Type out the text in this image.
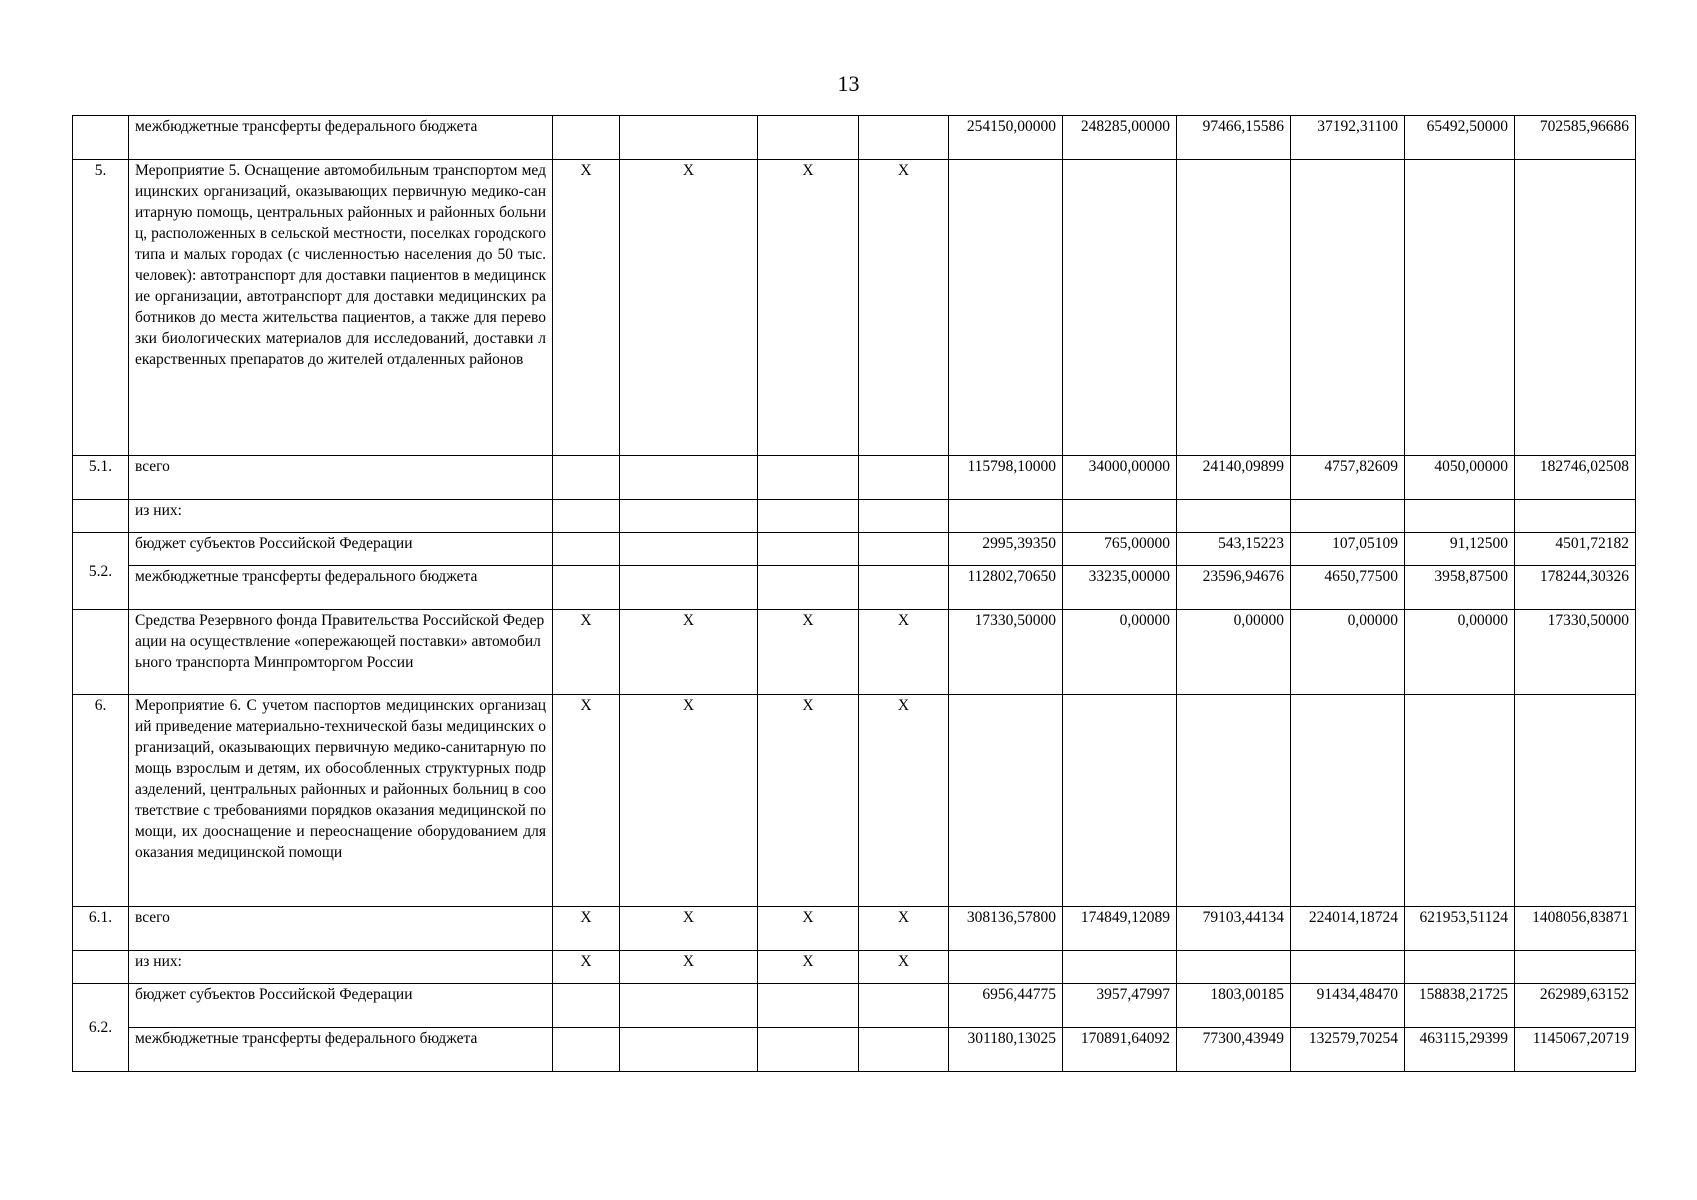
13
	межбюджетные трансферты федерального бюджета					254150,00000	248285,00000	97466,15586	37192,31100	65492,50000	702585,96686
5.	Мероприятие 5. Оснащение автомобильным транспортом медицинских организаций, оказывающих первичную медико-санитарную помощь, центральных районных и районных больниц, расположенных в сельской местности, поселках городского типа и малых городах (с численностью населения до 50 тыс. человек): автотранспорт для доставки пациентов в медицинские организации, автотранспорт для доставки медицинских работников до места жительства пациентов, а также для перевозки биологических материалов для исследований, доставки лекарственных препаратов до жителей отдаленных районов	Х	Х	Х	Х						
5.1.	всего					115798,10000	34000,00000	24140,09899	4757,82609	4050,00000	182746,02508
	из них:										
5.2.	бюджет субъектов Российской Федерации					2995,39350	765,00000	543,15223	107,05109	91,12500	4501,72182
	межбюджетные трансферты федерального бюджета					112802,70650	33235,00000	23596,94676	4650,77500	3958,87500	178244,30326
	Средства Резервного фонда Правительства Российской Федерации на осуществление «опережающей поставки» автомобильного транспорта Минпромторгом России	Х	Х	Х	Х	17330,50000	0,00000	0,00000	0,00000	0,00000	17330,50000
6.	Мероприятие 6. С учетом паспортов медицинских организаций приведение материально-технической базы медицинских организаций, оказывающих первичную медико-санитарную помощь взрослым и детям, их обособленных структурных подразделений, центральных районных и районных больниц в соответствие с требованиями порядков оказания медицинской помощи, их дооснащение и переоснащение оборудованием для оказания медицинской помощи	Х	Х	Х	Х						
6.1.	всего	Х	Х	Х	Х	308136,57800	174849,12089	79103,44134	224014,18724	621953,51124	1408056,83871
	из них:	Х	Х	Х	Х						
6.2.	бюджет субъектов Российской Федерации					6956,44775	3957,47997	1803,00185	91434,48470	158838,21725	262989,63152
	межбюджетные трансферты федерального бюджета					301180,13025	170891,64092	77300,43949	132579,70254	463115,29399	1145067,20719
